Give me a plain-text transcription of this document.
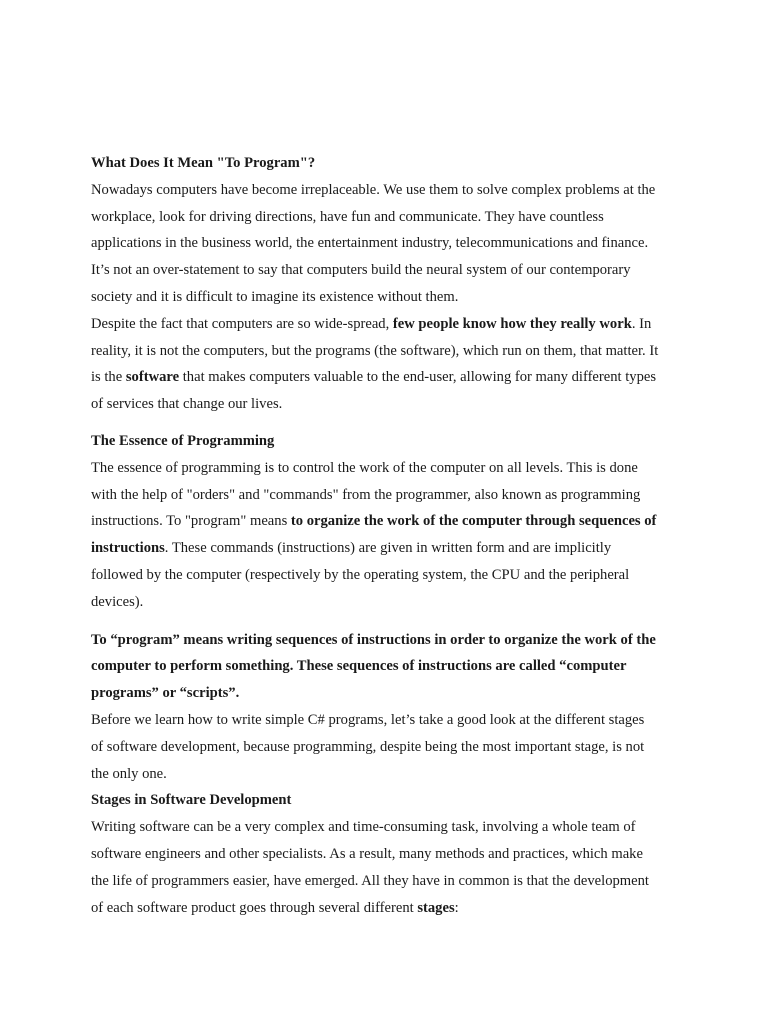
What Does It Mean "To Program"?
Nowadays computers have become irreplaceable. We use them to solve complex problems at the
workplace, look for driving directions, have fun and communicate. They have countless
applications in the business world, the entertainment industry, telecommunications and finance.
It’s not an over-statement to say that computers build the neural system of our contemporary
society and it is difficult to imagine its existence without them.
Despite the fact that computers are so wide-spread, few people know how they really work. In
reality, it is not the computers, but the programs (the software), which run on them, that matter. It
is the software that makes computers valuable to the end-user, allowing for many different types
of services that change our lives.
The Essence of Programming
The essence of programming is to control the work of the computer on all levels. This is done
with the help of "orders" and "commands" from the programmer, also known as programming
instructions. To "program" means to organize the work of the computer through sequences of
instructions. These commands (instructions) are given in written form and are implicitly
followed by the computer (respectively by the operating system, the CPU and the peripheral
devices).
To “program” means writing sequences of instructions in order to organize the work of the
computer to perform something. These sequences of instructions are called “computer
programs” or “scripts”.
Before we learn how to write simple C# programs, let’s take a good look at the different stages
of software development, because programming, despite being the most important stage, is not
the only one.
Stages in Software Development
Writing software can be a very complex and time-consuming task, involving a whole team of
software engineers and other specialists. As a result, many methods and practices, which make
the life of programmers easier, have emerged. All they have in common is that the development
of each software product goes through several different stages:
